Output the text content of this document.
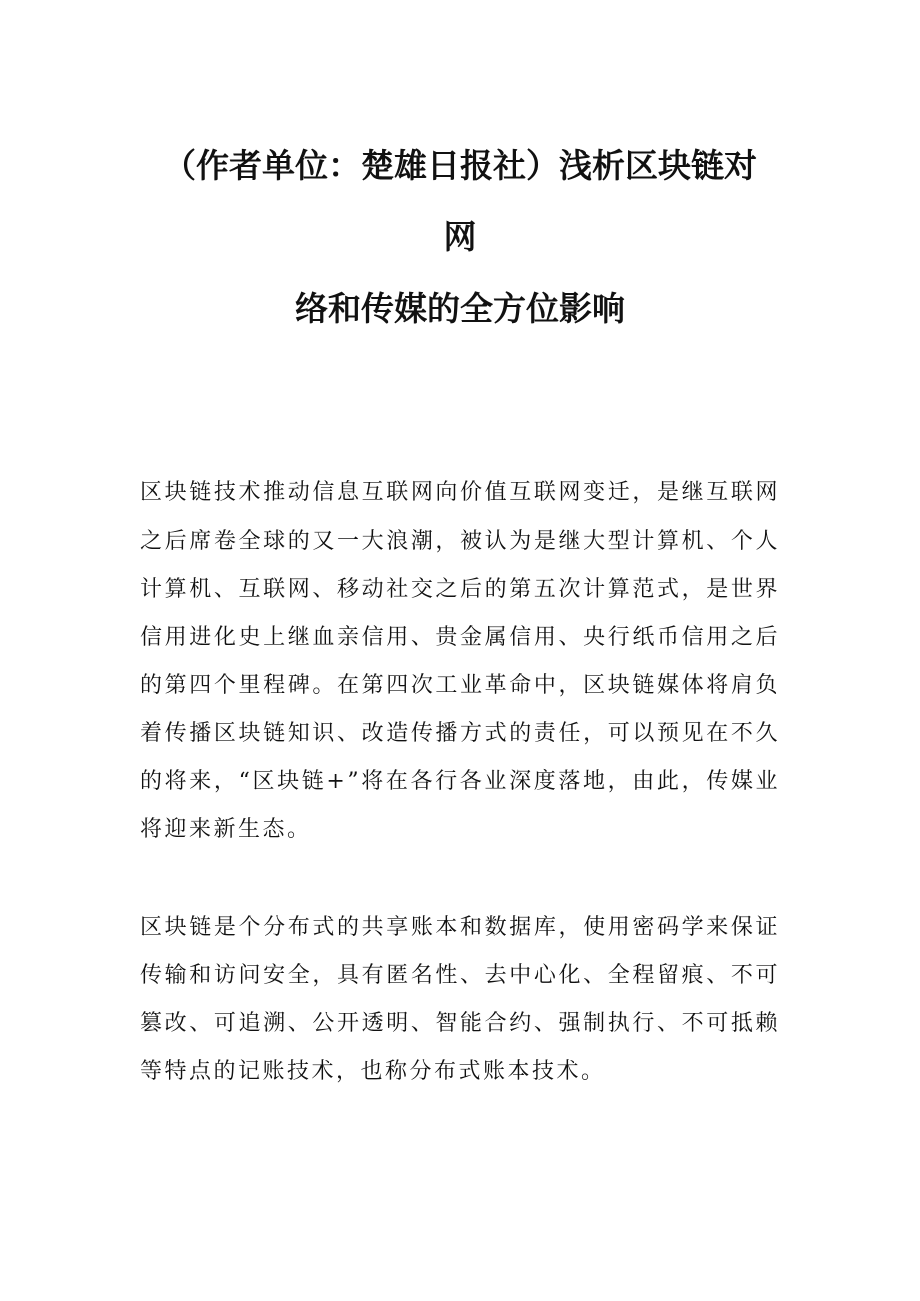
（作者单位：楚雄日报社）浅析区块链对
网
络和传媒的全方位影响
区块链技术推动信息互联网向价值互联网变迁，是继互联网
之后席卷全球的又一大浪潮，被认为是继大型计算机、个人
计算机、互联网、移动社交之后的第五次计算范式，是世界
信用进化史上继血亲信用、贵金属信用、央行纸币信用之后
的第四个里程碑。在第四次工业革命中，区块链媒体将肩负
着传播区块链知识、改造传播方式的责任，可以预见在不久
的将来，“区块链+”将在各行各业深度落地，由此，传媒业
将迎来新生态。
区块链是个分布式的共享账本和数据库，使用密码学来保证
传输和访问安全，具有匿名性、去中心化、全程留痕、不可
篡改、可追溯、公开透明、智能合约、强制执行、不可抵赖
等特点的记账技术，也称分布式账本技术。
